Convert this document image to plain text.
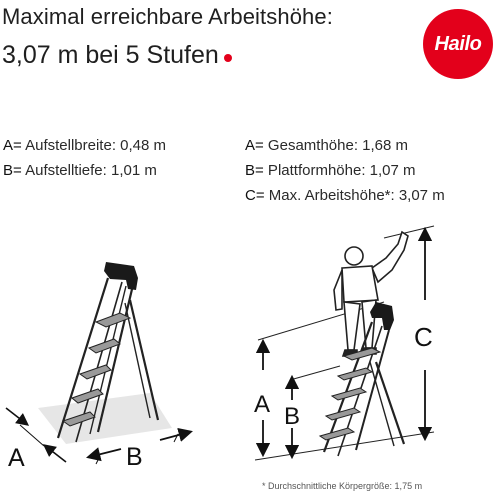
Maximal erreichbare Arbeitshöhe:
3,07 m bei 5 Stufen	Hailo
A= Aufstellbreite: 0,48 m
B= Aufstelltiefe: 1,01 m
A= Gesamthöhe: 1,68 m
B= Plattformhöhe: 1,07 m
C= Max. Arbeitshöhe*: 3,07 m
A	B
A B
C
* Durchschnittliche Körpergröße: 1,75 m
